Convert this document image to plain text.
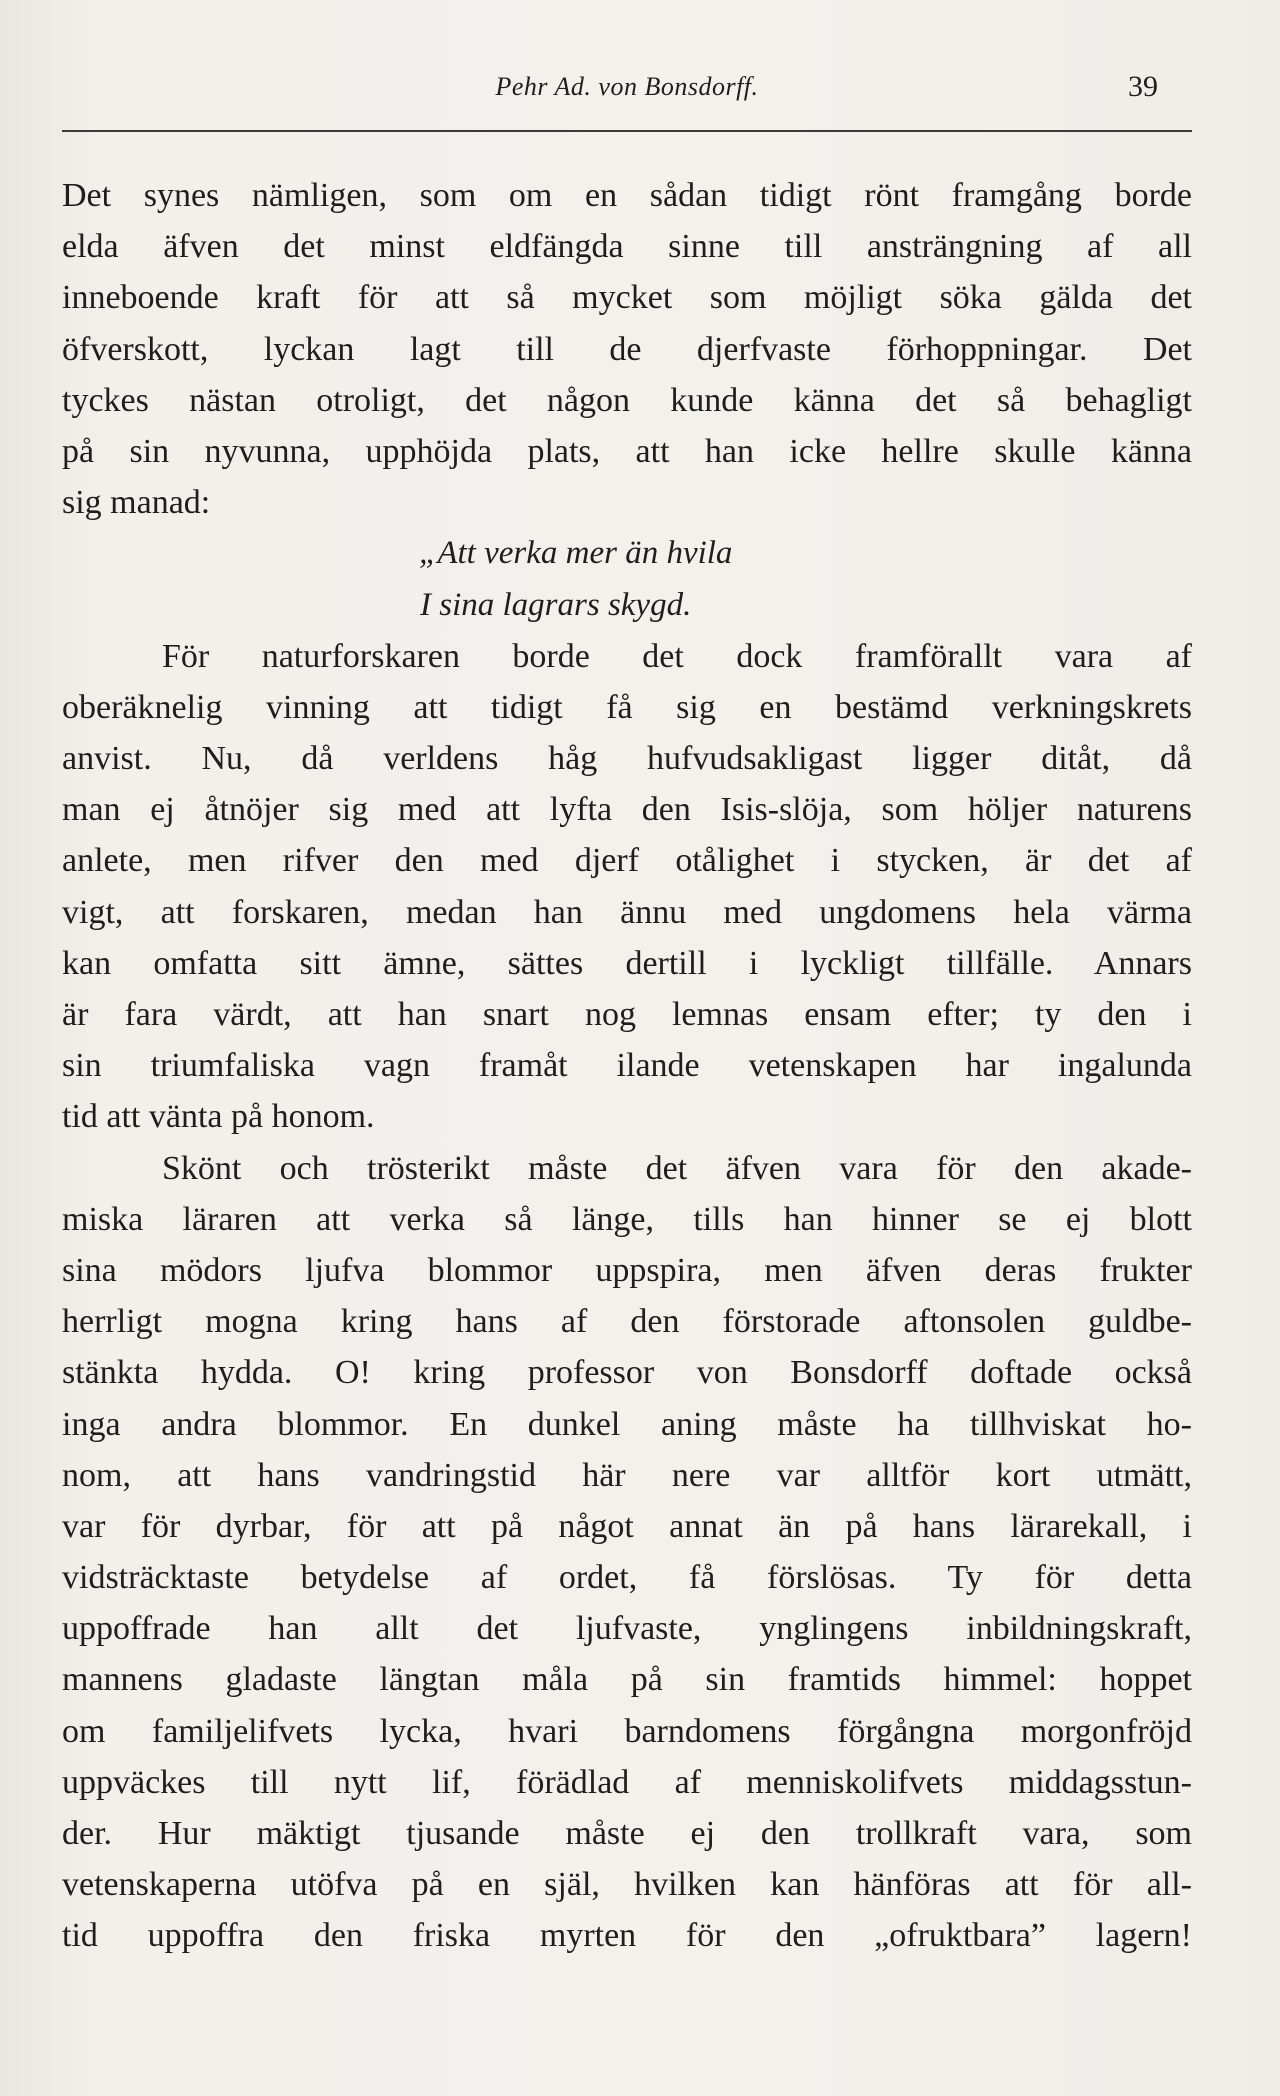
Pehr Ad. von Bonsdorff.	39
Det synes nämligen, som om en sådan tidigt rönt framgång borde
elda äfven det minst eldfängda sinne till ansträngning af all
inneboende kraft för att så mycket som möjligt söka gälda det
öfverskott, lyckan lagt till de djerfvaste förhoppningar. Det
tyckes nästan otroligt, det någon kunde känna det så behagligt
på sin nyvunna, upphöjda plats, att han icke hellre skulle känna
sig manad:
„Att verka mer än hvila
I sina lagrars skygd.
För naturforskaren borde det dock framförallt vara af
oberäknelig vinning att tidigt få sig en bestämd verkningskrets
anvist. Nu, då verldens håg hufvudsakligast ligger ditåt, då
man ej åtnöjer sig med att lyfta den Isis-slöja, som höljer naturens
anlete, men rifver den med djerf otålighet i stycken, är det af
vigt, att forskaren, medan han ännu med ungdomens hela värma
kan omfatta sitt ämne, sättes dertill i lyckligt tillfälle. Annars
är fara värdt, att han snart nog lemnas ensam efter; ty den i
sin triumfaliska vagn framåt ilande vetenskapen har ingalunda
tid att vänta på honom.
Skönt och trösterikt måste det äfven vara för den akade-
miska läraren att verka så länge, tills han hinner se ej blott
sina mödors ljufva blommor uppspira, men äfven deras frukter
herrligt mogna kring hans af den förstorade aftonsolen guldbe-
stänkta hydda. O! kring professor von Bonsdorff doftade också
inga andra blommor. En dunkel aning måste ha tillhviskat ho-
nom, att hans vandringstid här nere var alltför kort utmätt,
var för dyrbar, för att på något annat än på hans lärarekall, i
vidsträcktaste betydelse af ordet, få förslösas. Ty för detta
uppoffrade han allt det ljufvaste, ynglingens inbildningskraft,
mannens gladaste längtan måla på sin framtids himmel: hoppet
om familjelifvets lycka, hvari barndomens förgångna morgonfröjd
uppväckes till nytt lif, förädlad af menniskolifvets middagsstun-
der. Hur mäktigt tjusande måste ej den trollkraft vara, som
vetenskaperna utöfva på en själ, hvilken kan hänföras att för all-
tid uppoffra den friska myrten för den „ofruktbara” lagern!
